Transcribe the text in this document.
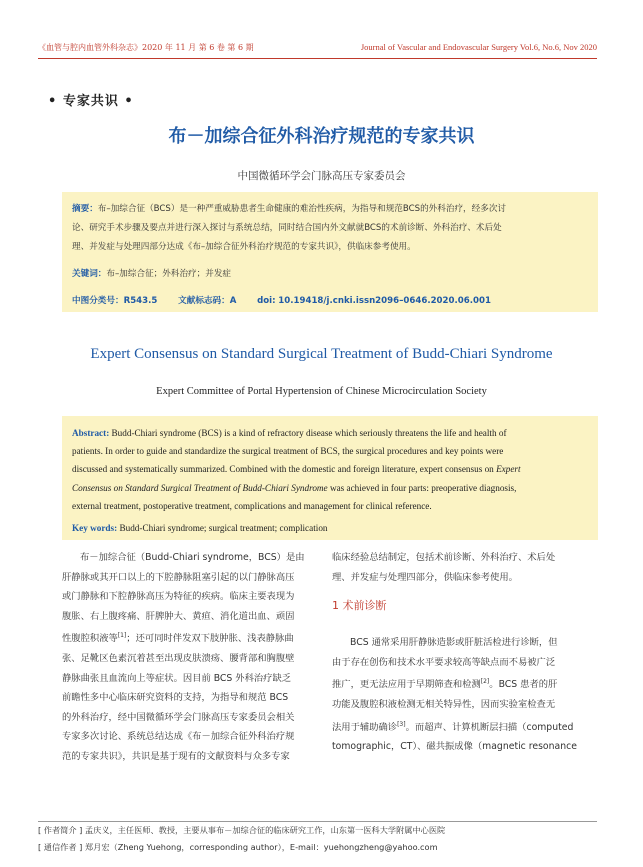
《血管与腔内血管外科杂志》2020 年 11 月 第 6 卷 第 6 期	Journal of Vascular and Endovascular Surgery Vol.6, No.6, Nov 2020
• 专家共识 •
布－加综合征外科治疗规范的专家共识
中国微循环学会门脉高压专家委员会
摘要：布–加综合征（BCS）是一种严重威胁患者生命健康的难治性疾病，为指导和规范BCS的外科治疗，经多次讨
论、研究手术步骤及要点并进行深入探讨与系统总结，同时结合国内外文献就BCS的术前诊断、外科治疗、术后处
理、并发症与处理四部分达成《布–加综合征外科治疗规范的专家共识》，供临床参考使用。
关键词：布–加综合征；外科治疗；并发症
中图分类号：R543.5 文献标志码：A doi: 10.19418/j.cnki.issn2096–0646.2020.06.001
Expert Consensus on Standard Surgical Treatment of Budd-Chiari Syndrome
Expert Committee of Portal Hypertension of Chinese Microcirculation Society
Abstract: Budd-Chiari syndrome (BCS) is a kind of refractory disease which seriously threatens the life and health of
patients. In order to guide and standardize the surgical treatment of BCS, the surgical procedures and key points were
discussed and systematically summarized. Combined with the domestic and foreign literature, expert consensus on Expert
Consensus on Standard Surgical Treatment of Budd-Chiari Syndrome was achieved in four parts: preoperative diagnosis,
external treatment, postoperative treatment, complications and management for clinical reference.
Key words: Budd-Chiari syndrome; surgical treatment; complication
布－加综合征（Budd-Chiari syndrome，BCS）是由
肝静脉或其开口以上的下腔静脉阻塞引起的以门静脉高压
或门静脉和下腔静脉高压为特征的疾病。临床主要表现为
腹胀、右上腹疼痛、肝脾肿大、黄疸、消化道出血、顽固
性腹腔积液等[1]；还可同时伴发双下肢肿胀、浅表静脉曲
张、足靴区色素沉着甚至出现皮肤溃疡、腰背部和胸腹壁
静脉曲张且血流向上等症状。因目前 BCS 外科治疗缺乏
前瞻性多中心临床研究资料的支持，为指导和规范 BCS
的外科治疗，经中国微循环学会门脉高压专家委员会相关
专家多次讨论、系统总结达成《布－加综合征外科治疗规
范的专家共识》，共识是基于现有的文献资料与众多专家
临床经验总结制定，包括术前诊断、外科治疗、术后处
理、并发症与处理四部分，供临床参考使用。
1 术前诊断
BCS 通常采用肝静脉造影或肝脏活检进行诊断，但
由于存在创伤和技术水平要求较高等缺点而不易被广泛
推广，更无法应用于早期筛查和检测[2]。BCS 患者的肝
功能及腹腔积液检测无相关特异性，因而实验室检查无
法用于辅助确诊[3]。而超声、计算机断层扫描（computed
tomographic，CT）、磁共振成像（magnetic resonance
[ 作者简介 ] 孟庆义，主任医师、教授，主要从事布－加综合征的临床研究工作，山东第一医科大学附属中心医院
[ 通信作者 ] 郑月宏（Zheng Yuehong，corresponding author），E-mail：yuehongzheng@yahoo.com
